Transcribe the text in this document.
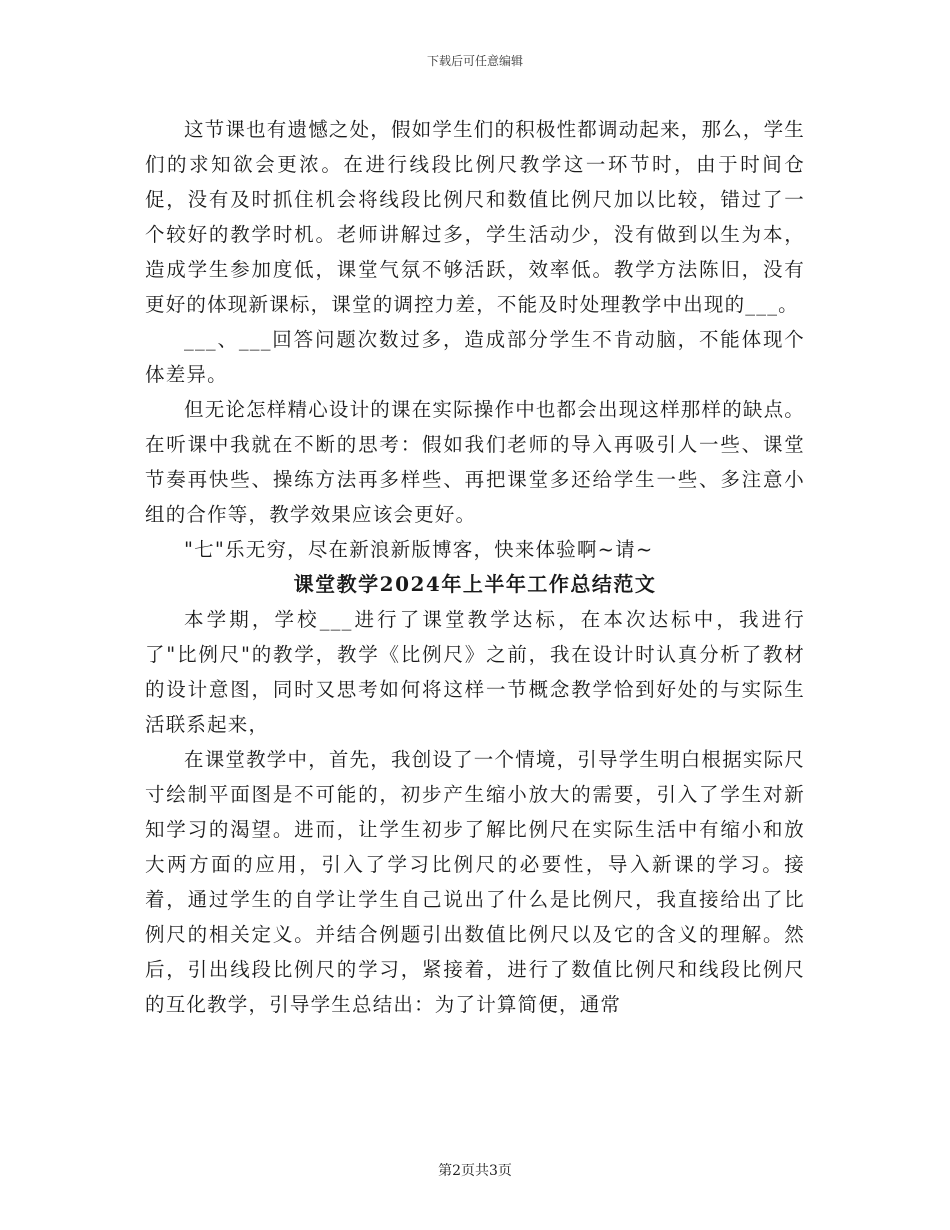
下载后可任意编辑

这节课也有遗憾之处，假如学生们的积极性都调动起来，那么，学生们的求知欲会更浓。在进行线段比例尺教学这一环节时，由于时间仓促，没有及时抓住机会将线段比例尺和数值比例尺加以比较，错过了一个较好的教学时机。老师讲解过多，学生活动少，没有做到以生为本，造成学生参加度低，课堂气氛不够活跃，效率低。教学方法陈旧，没有更好的体现新课标，课堂的调控力差，不能及时处理教学中出现的___。

___、___回答问题次数过多，造成部分学生不肯动脑，不能体现个体差异。

但无论怎样精心设计的课在实际操作中也都会出现这样那样的缺点。在听课中我就在不断的思考：假如我们老师的导入再吸引人一些、课堂节奏再快些、操练方法再多样些、再把课堂多还给学生一些、多注意小组的合作等，教学效果应该会更好。

"七"乐无穷，尽在新浪新版博客，快来体验啊~请~

课堂教学2024年上半年工作总结范文

本学期，学校___进行了课堂教学达标，在本次达标中，我进行了"比例尺"的教学，教学《比例尺》之前，我在设计时认真分析了教材的设计意图，同时又思考如何将这样一节概念教学恰到好处的与实际生活联系起来，

在课堂教学中，首先，我创设了一个情境，引导学生明白根据实际尺寸绘制平面图是不可能的，初步产生缩小放大的需要，引入了学生对新知学习的渴望。进而，让学生初步了解比例尺在实际生活中有缩小和放大两方面的应用，引入了学习比例尺的必要性，导入新课的学习。接着，通过学生的自学让学生自己说出了什么是比例尺，我直接给出了比例尺的相关定义。并结合例题引出数值比例尺以及它的含义的理解。然后，引出线段比例尺的学习，紧接着，进行了数值比例尺和线段比例尺的互化教学，引导学生总结出：为了计算简便，通常

第2页共3页
